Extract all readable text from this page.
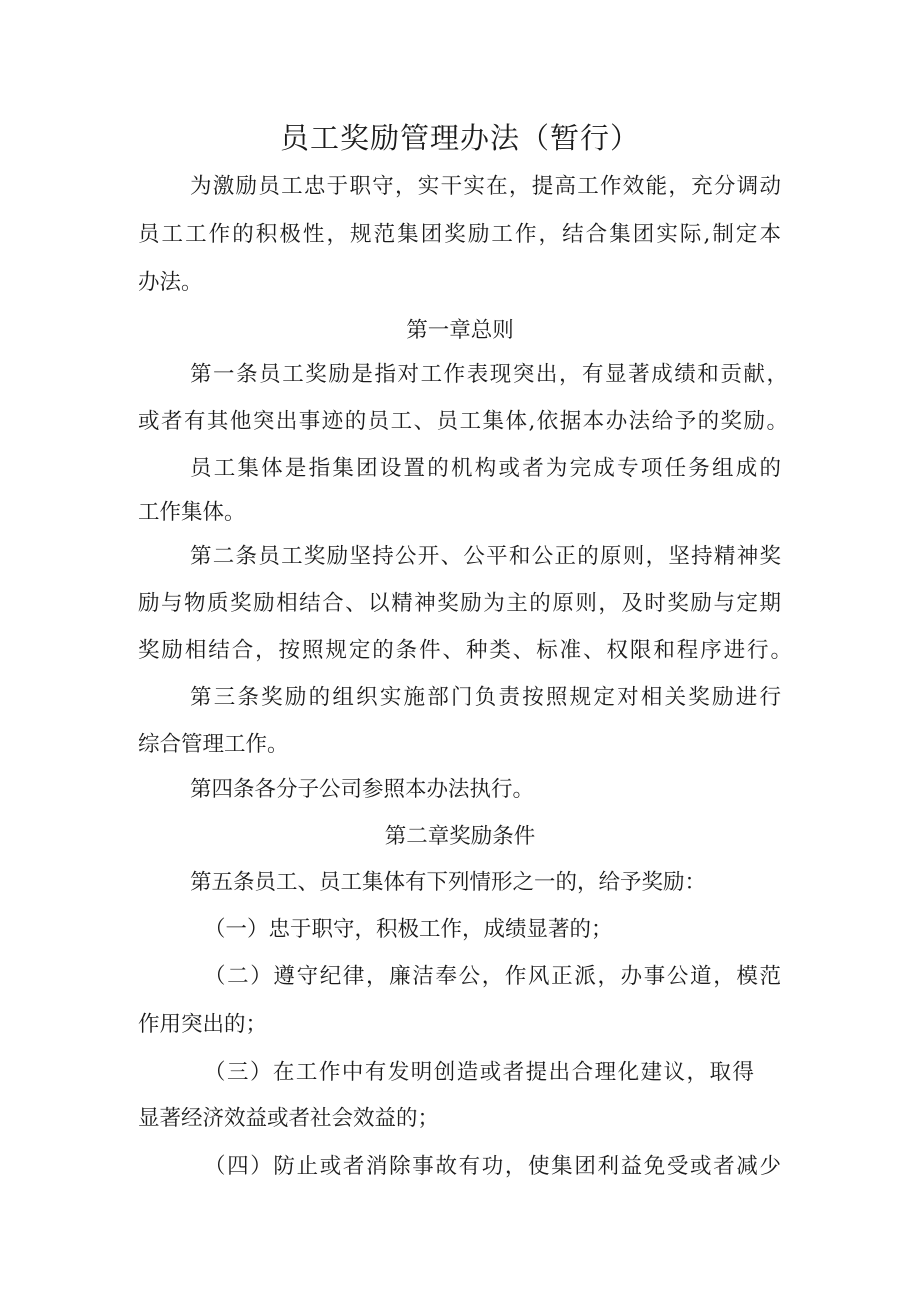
员工奖励管理办法（暂行）
为激励员工忠于职守，实干实在，提高工作效能，充分调动
员工工作的积极性，规范集团奖励工作，结合集团实际,制定本
办法。
第一章总则
第一条员工奖励是指对工作表现突出，有显著成绩和贡献，
或者有其他突出事迹的员工、员工集体,依据本办法给予的奖励。
员工集体是指集团设置的机构或者为完成专项任务组成的
工作集体。
第二条员工奖励坚持公开、公平和公正的原则，坚持精神奖
励与物质奖励相结合、以精神奖励为主的原则，及时奖励与定期
奖励相结合，按照规定的条件、种类、标准、权限和程序进行。
第三条奖励的组织实施部门负责按照规定对相关奖励进行
综合管理工作。
第四条各分子公司参照本办法执行。
第二章奖励条件
第五条员工、员工集体有下列情形之一的，给予奖励：
（一）忠于职守，积极工作，成绩显著的；
（二）遵守纪律，廉洁奉公，作风正派，办事公道，模范
作用突出的；
（三）在工作中有发明创造或者提出合理化建议，取得
显著经济效益或者社会效益的；
（四）防止或者消除事故有功，使集团利益免受或者减少
